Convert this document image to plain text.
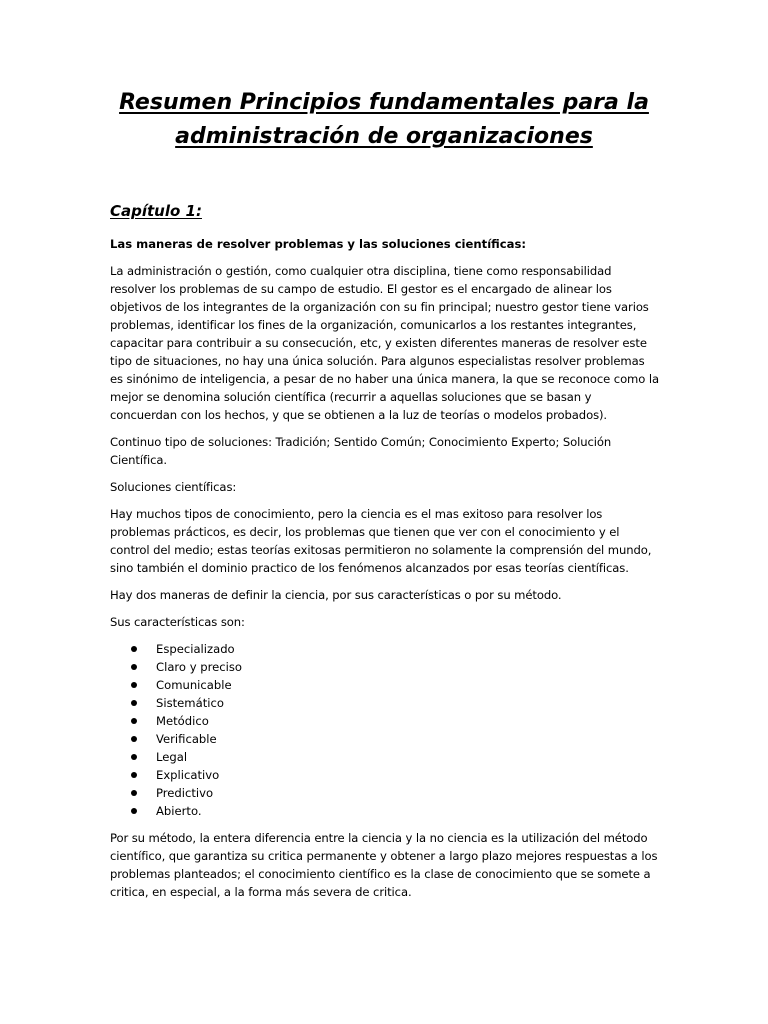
Resumen Principios fundamentales para la
administración de organizaciones
Capítulo 1:

Las maneras de resolver problemas y las soluciones científicas:

La administración o gestión, como cualquier otra disciplina, tiene como responsabilidad resolver los problemas de su campo de estudio. El gestor es el encargado de alinear los objetivos de los integrantes de la organización con su fin principal; nuestro gestor tiene varios problemas, identificar los fines de la organización, comunicarlos a los restantes integrantes, capacitar para contribuir a su consecución, etc, y existen diferentes maneras de resolver este tipo de situaciones, no hay una única solución. Para algunos especialistas resolver problemas es sinónimo de inteligencia, a pesar de no haber una única manera, la que se reconoce como la mejor se denomina solución científica (recurrir a aquellas soluciones que se basan y concuerdan con los hechos, y que se obtienen a la luz de teorías o modelos probados).

Continuo tipo de soluciones: Tradición; Sentido Común; Conocimiento Experto; Solución Científica.

Soluciones científicas:

Hay muchos tipos de conocimiento, pero la ciencia es el mas exitoso para resolver los problemas prácticos, es decir, los problemas que tienen que ver con el conocimiento y el control del medio; estas teorías exitosas permitieron no solamente la comprensión del mundo, sino también el dominio practico de los fenómenos alcanzados por esas teorías científicas.

Hay dos maneras de definir la ciencia, por sus características o por su método.

Sus características son:

Especializado
Claro y preciso
Comunicable
Sistemático
Metódico
Verificable
Legal
Explicativo
Predictivo
Abierto.

Por su método, la entera diferencia entre la ciencia y la no ciencia es la utilización del método científico, que garantiza su critica permanente y obtener a largo plazo mejores respuestas a los problemas planteados; el conocimiento científico es la clase de conocimiento que se somete a critica, en especial, a la forma más severa de critica.
